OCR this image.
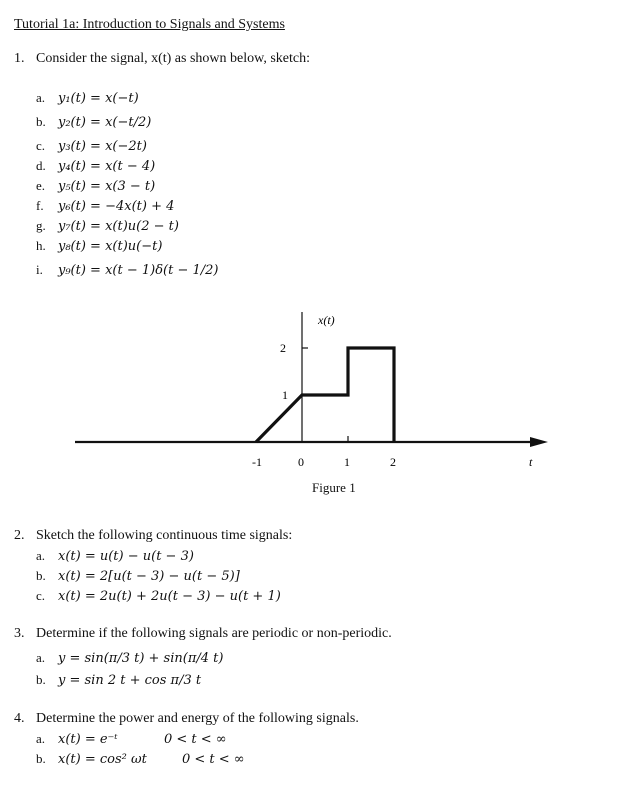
Tutorial 1a: Introduction to Signals and Systems
1. Consider the signal, x(t) as shown below, sketch:
a. y₁(t) = x(−t)
b. y₂(t) = x(−t/2)
c. y₃(t) = x(−2t)
d. y₄(t) = x(t − 4)
e. y₅(t) = x(3 − t)
f. y₆(t) = −4x(t) + 4
g. y₇(t) = x(t)u(2 − t)
h. y₈(t) = x(t)u(−t)
i. y₉(t) = x(t − 1)δ(t − 1/2)
1
2
-1	0	1	2
x(t)
t
Figure 1
2. Sketch the following continuous time signals:
a. x(t) = u(t) − u(t − 3)
b. x(t) = 2[u(t − 3) − u(t − 5)]
c. x(t) = 2u(t) + 2u(t − 3) − u(t + 1)
3. Determine if the following signals are periodic or non-periodic.
a. y = sin(π/3 t) + sin(π/4 t)
b. y = sin 2 t + cos π/3 t
4. Determine the power and energy of the following signals.
a. x(t) = e⁻ᵗ	0 < t < ∞
b. x(t) = cos² ωt	0 < t < ∞
